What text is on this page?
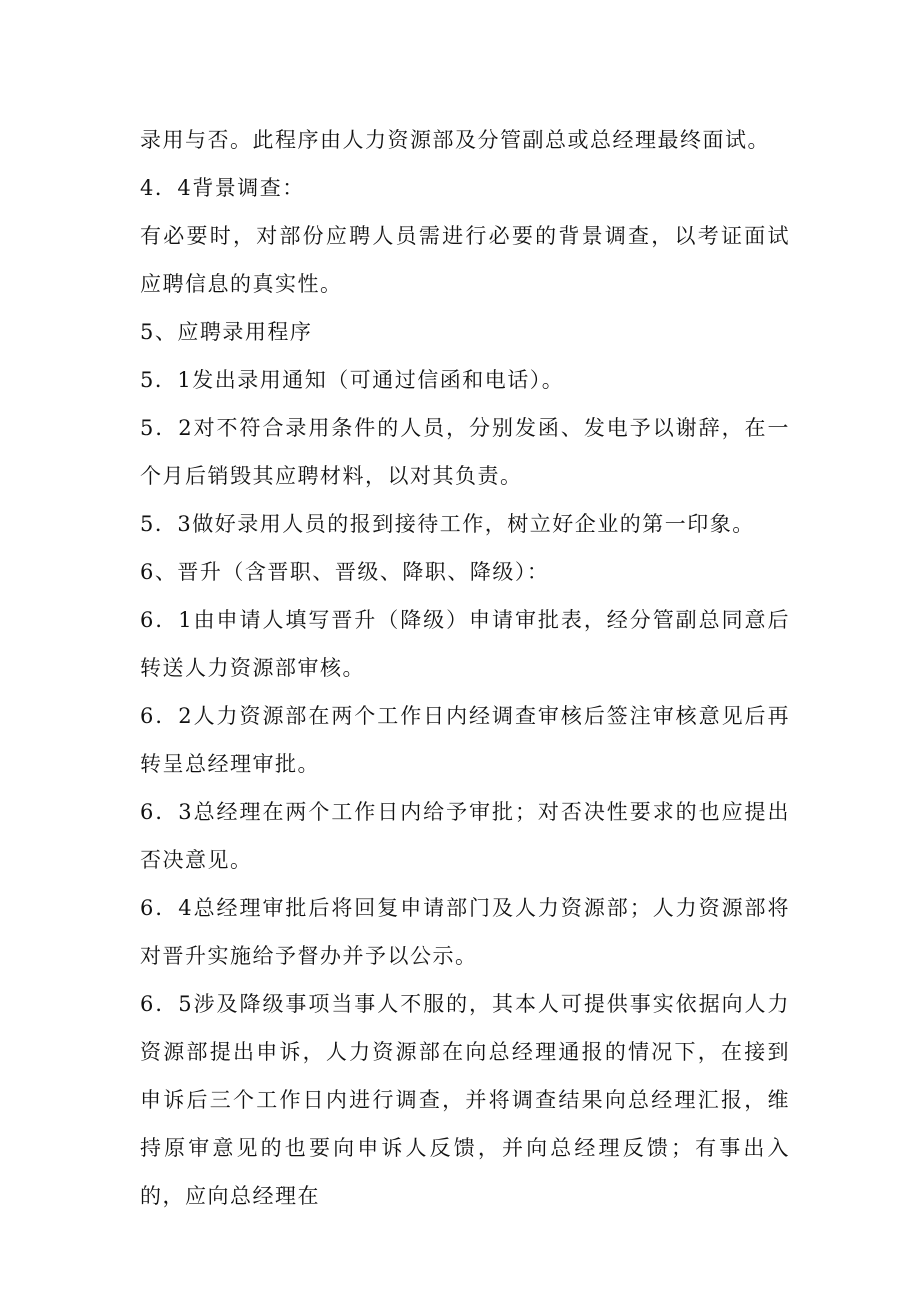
录用与否。此程序由人力资源部及分管副总或总经理最终面试。

4．4背景调查：

有必要时，对部份应聘人员需进行必要的背景调查，以考证面试应聘信息的真实性。

5、应聘录用程序

5．1发出录用通知（可通过信函和电话）。

5．2对不符合录用条件的人员，分别发函、发电予以谢辞，在一个月后销毁其应聘材料，以对其负责。

5．3做好录用人员的报到接待工作，树立好企业的第一印象。

6、晋升（含晋职、晋级、降职、降级）：

6．1由申请人填写晋升（降级）申请审批表，经分管副总同意后转送人力资源部审核。

6．2人力资源部在两个工作日内经调查审核后签注审核意见后再转呈总经理审批。

6．3总经理在两个工作日内给予审批；对否决性要求的也应提出否决意见。

6．4总经理审批后将回复申请部门及人力资源部；人力资源部将对晋升实施给予督办并予以公示。

6．5涉及降级事项当事人不服的，其本人可提供事实依据向人力资源部提出申诉，人力资源部在向总经理通报的情况下，在接到申诉后三个工作日内进行调查，并将调查结果向总经理汇报，维持原审意见的也要向申诉人反馈，并向总经理反馈；有事出入的，应向总经理在
